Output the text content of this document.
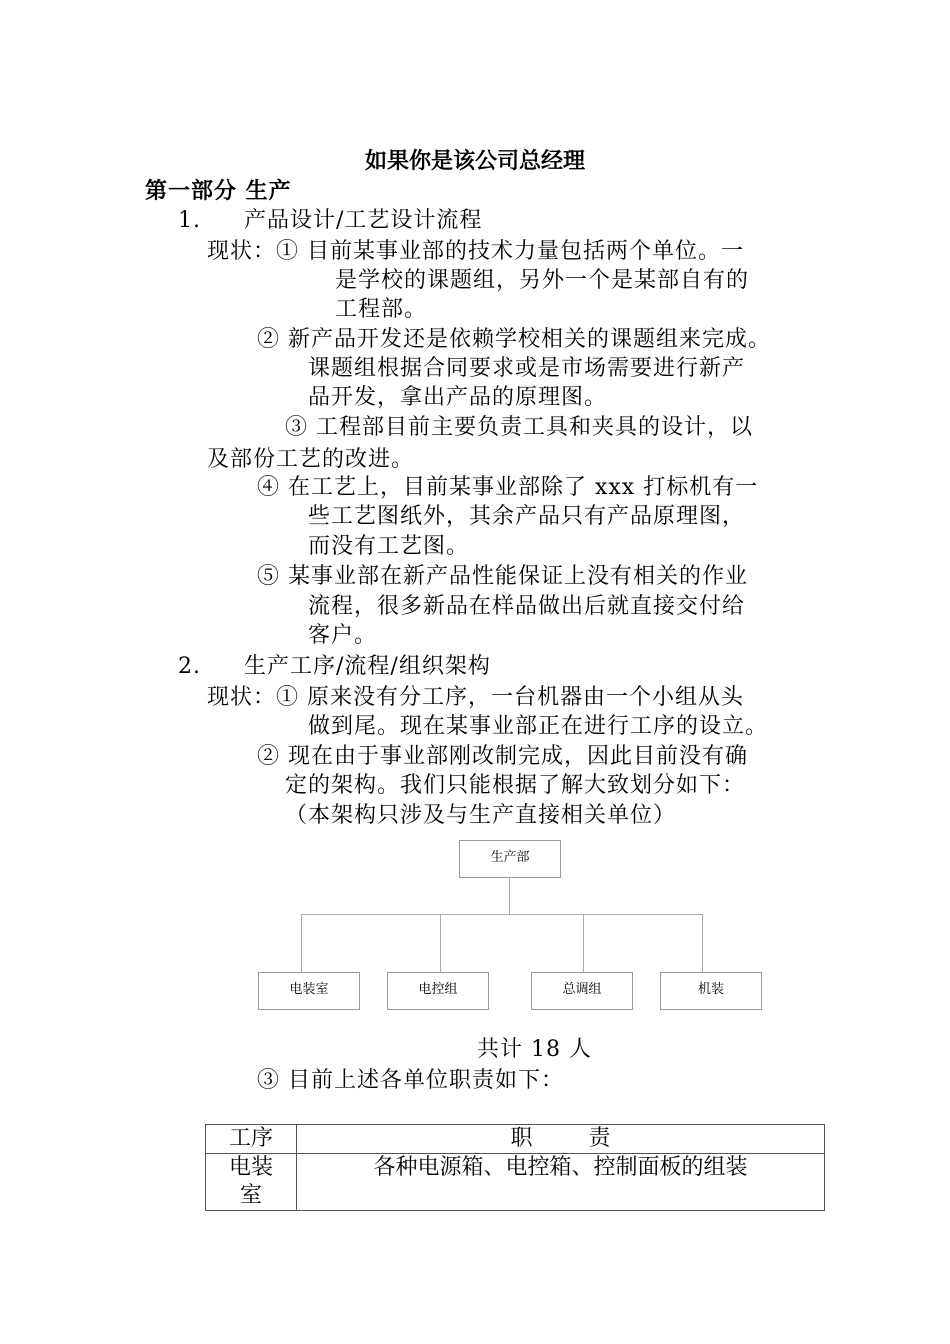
如果你是该公司总经理
第一部分 生产
1. 产品设计/工艺设计流程
现状：① 目前某事业部的技术力量包括两个单位。一
是学校的课题组，另外一个是某部自有的
工程部。
② 新产品开发还是依赖学校相关的课题组来完成。
课题组根据合同要求或是市场需要进行新产
品开发，拿出产品的原理图。
③ 工程部目前主要负责工具和夹具的设计，以
及部份工艺的改进。
④ 在工艺上，目前某事业部除了 xxx 打标机有一
些工艺图纸外，其余产品只有产品原理图，
而没有工艺图。
⑤ 某事业部在新产品性能保证上没有相关的作业
流程，很多新品在样品做出后就直接交付给
客户。
2. 生产工序/流程/组织架构
现状：① 原来没有分工序，一台机器由一个小组从头
做到尾。现在某事业部正在进行工序的设立。
② 现在由于事业部刚改制完成，因此目前没有确
定的架构。我们只能根据了解大致划分如下：
（本架构只涉及与生产直接相关单位）
生产部
电装室	电控组	总调组	机装
共计 18 人
③ 目前上述各单位职责如下：
工序	职        责
电装室	各种电源箱、电控箱、控制面板的组装
